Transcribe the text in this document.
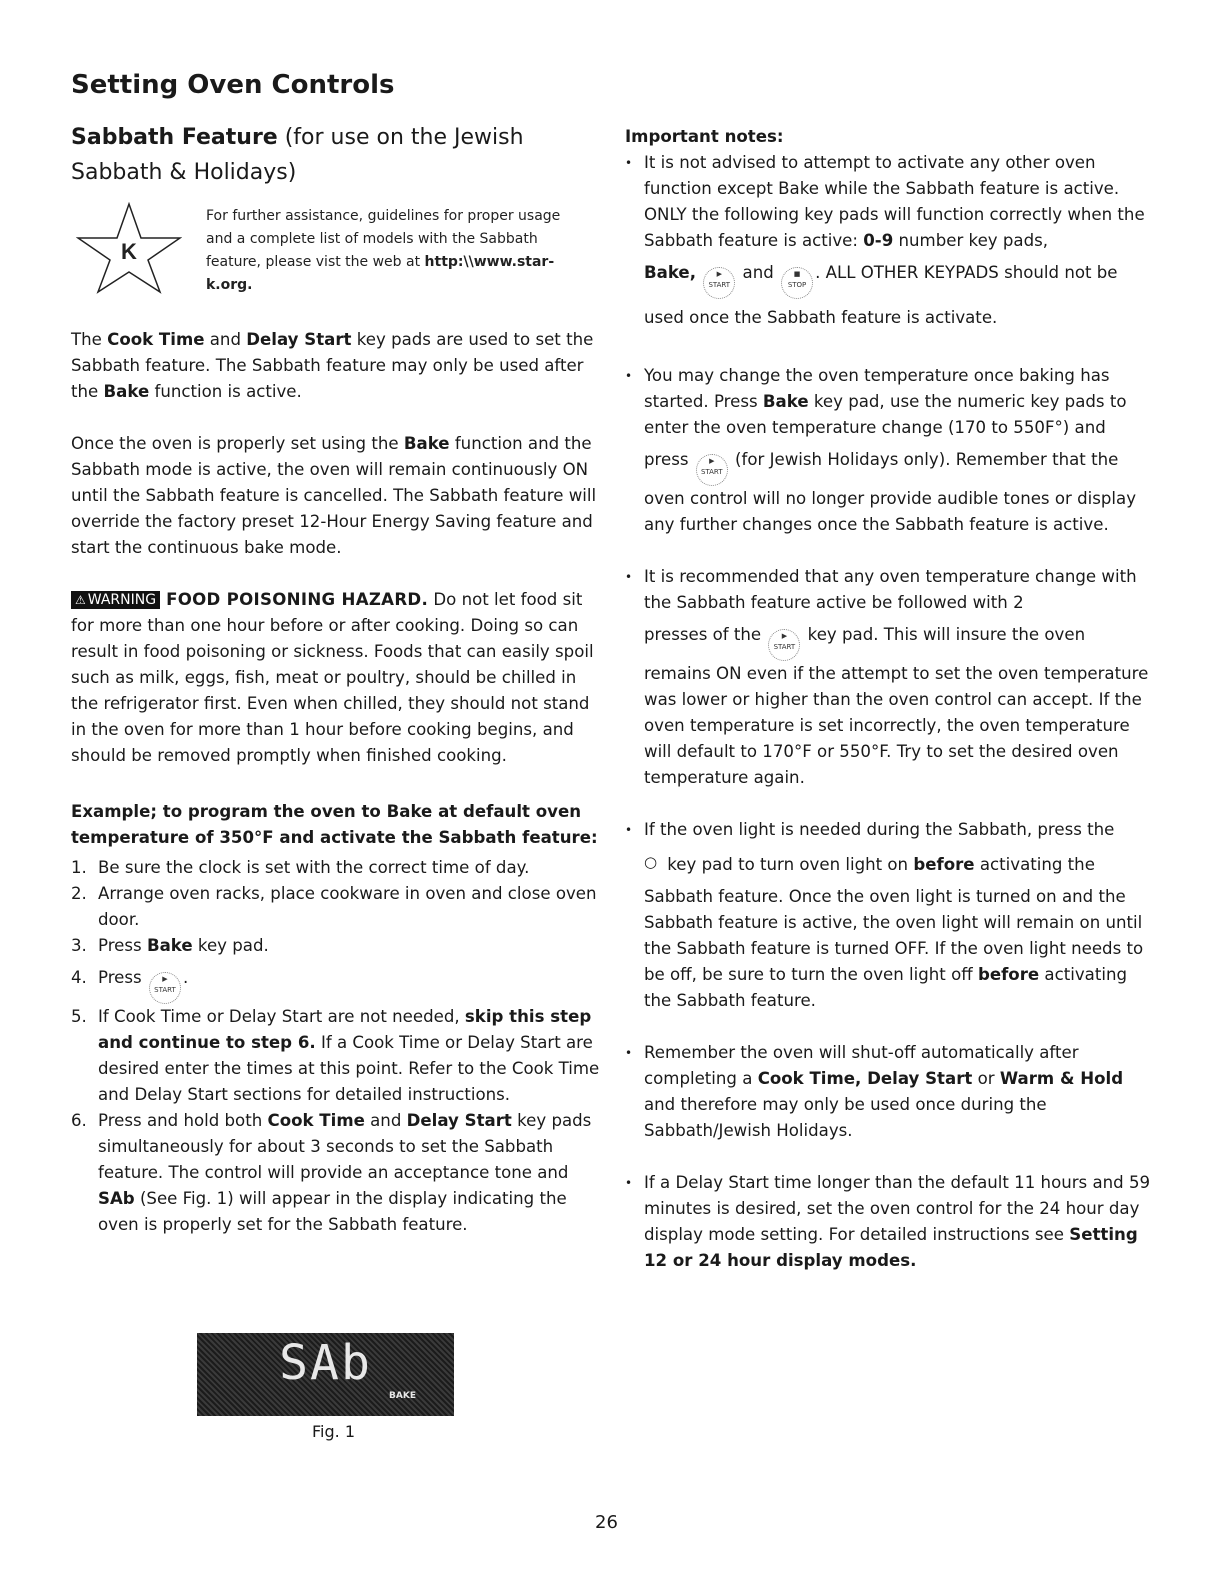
Setting Oven Controls
Sabbath Feature (for use on the Jewish Sabbath & Holidays)
K
For further assistance, guidelines for proper usage and a complete list of models with the Sabbath feature, please vist the web at http:\\www.star-k.org.

The Cook Time and Delay Start key pads are used to set the Sabbath feature. The Sabbath feature may only be used after the Bake function is active.

Once the oven is properly set using the Bake function and the Sabbath mode is active, the oven will remain continuously ON until the Sabbath feature is cancelled. The Sabbath feature will override the factory preset 12-Hour Energy Saving feature and start the continuous bake mode.

⚠ WARNING FOOD POISONING HAZARD. Do not let food sit for more than one hour before or after cooking. Doing so can result in food poisoning or sickness. Foods that can easily spoil such as milk, eggs, fish, meat or poultry, should be chilled in the refrigerator first. Even when chilled, they should not stand in the oven for more than 1 hour before cooking begins, and should be removed promptly when finished cooking.

Example; to program the oven to Bake at default oven temperature of 350°F and activate the Sabbath feature:

1. Be sure the clock is set with the correct time of day.
2. Arrange oven racks, place cookware in oven and close oven door.
3. Press Bake key pad.
4. Press ▶ START.
5. If Cook Time or Delay Start are not needed, skip this step and continue to step 6. If a Cook Time or Delay Start are desired enter the times at this point. Refer to the Cook Time and Delay Start sections for detailed instructions.
6. Press and hold both Cook Time and Delay Start key pads simultaneously for about 3 seconds to set the Sabbath feature. The control will provide an acceptance tone and SAb (See Fig. 1) will appear in the display indicating the oven is properly set for the Sabbath feature.

Important notes:

• It is not advised to attempt to activate any other oven function except Bake while the Sabbath feature is active. ONLY the following key pads will function correctly when the Sabbath feature is active: 0-9 number key pads,
Bake, ▶ START and ■ STOP. ALL OTHER KEYPADS should not be used once the Sabbath feature is activate.
• You may change the oven temperature once baking has started. Press Bake key pad, use the numeric key pads to enter the oven temperature change (170 to 550F°) and
press ▶ START (for Jewish Holidays only). Remember that the
oven control will no longer provide audible tones or display any further changes once the Sabbath feature is active.
• It is recommended that any oven temperature change with the Sabbath feature active be followed with 2
presses of the ▶ START key pad. This will insure the oven
remains ON even if the attempt to set the oven temperature was lower or higher than the oven control can accept. If the oven temperature is set incorrectly, the oven temperature will default to 170°F or 550°F. Try to set the desired oven temperature again.
• If the oven light is needed during the Sabbath, press the
○ key pad to turn oven light on before activating the
Sabbath feature. Once the oven light is turned on and the Sabbath feature is active, the oven light will remain on until the Sabbath feature is turned OFF. If the oven light needs to be off, be sure to turn the oven light off before activating the Sabbath feature.
• Remember the oven will shut-off automatically after completing a Cook Time, Delay Start or Warm & Hold and therefore may only be used once during the Sabbath/Jewish Holidays.
• If a Delay Start time longer than the default 11 hours and 59 minutes is desired, set the oven control for the 24 hour day display mode setting. For detailed instructions see Setting 12 or 24 hour display modes.
SAb
BAKE
Fig. 1
26
